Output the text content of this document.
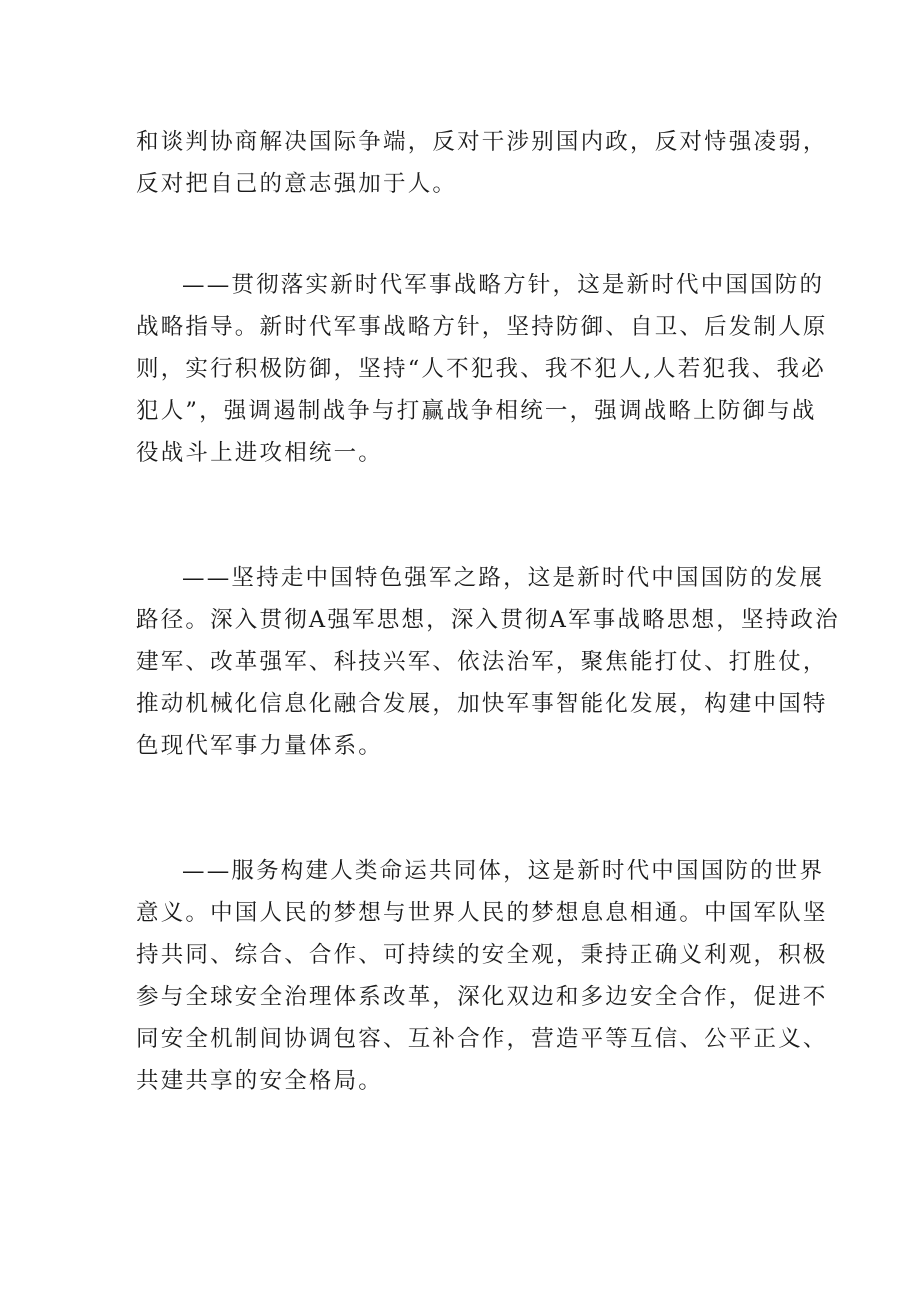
和谈判协商解决国际争端，反对干涉别国内政，反对恃强凌弱，
反对把自己的意志强加于人。

——贯彻落实新时代军事战略方针，这是新时代中国国防的
战略指导。新时代军事战略方针，坚持防御、自卫、后发制人原
则，实行积极防御，坚持“人不犯我、我不犯人,人若犯我、我必
犯人”，强调遏制战争与打赢战争相统一，强调战略上防御与战
役战斗上进攻相统一。

——坚持走中国特色强军之路，这是新时代中国国防的发展
路径。深入贯彻A强军思想，深入贯彻A军事战略思想，坚持政治
建军、改革强军、科技兴军、依法治军，聚焦能打仗、打胜仗，
推动机械化信息化融合发展，加快军事智能化发展，构建中国特
色现代军事力量体系。

——服务构建人类命运共同体，这是新时代中国国防的世界
意义。中国人民的梦想与世界人民的梦想息息相通。中国军队坚
持共同、综合、合作、可持续的安全观，秉持正确义利观，积极
参与全球安全治理体系改革，深化双边和多边安全合作，促进不
同安全机制间协调包容、互补合作，营造平等互信、公平正义、
共建共享的安全格局。
